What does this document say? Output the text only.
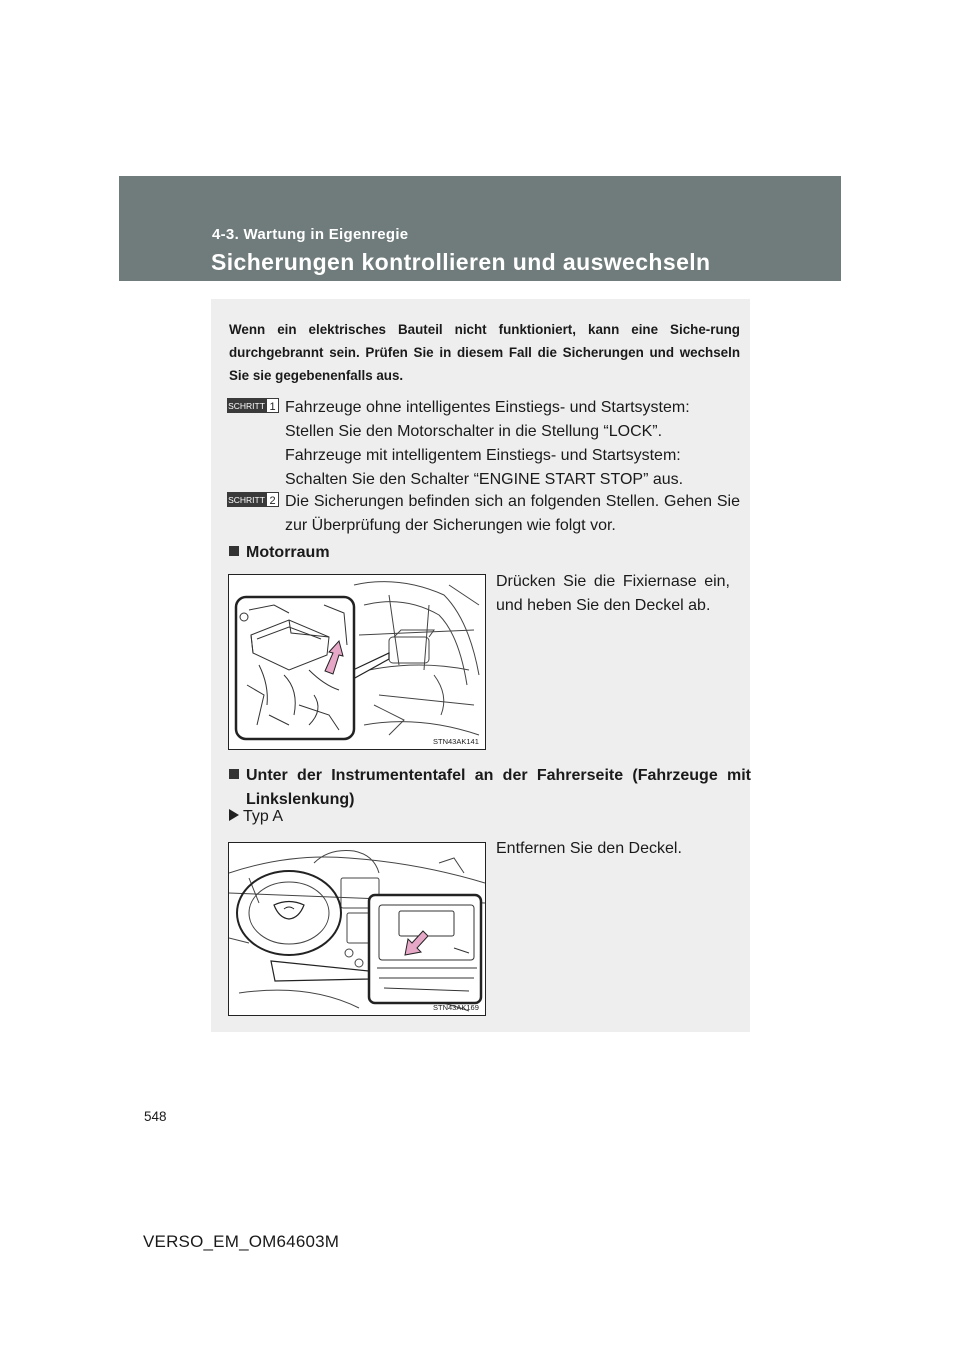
4-3. Wartung in Eigenregie
Sicherungen kontrollieren und auswechseln
Wenn ein elektrisches Bauteil nicht funktioniert, kann eine Siche-rung durchgebrannt sein. Prüfen Sie in diesem Fall die Sicherungen und wechseln Sie sie gegebenenfalls aus.
SCHRITT 1 Fahrzeuge ohne intelligentes Einstiegs- und Startsystem:

Stellen Sie den Motorschalter in die Stellung “LOCK”.

Fahrzeuge mit intelligentem Einstiegs- und Startsystem:

Schalten Sie den Schalter “ENGINE START STOP” aus.

SCHRITT 2 Die Sicherungen befinden sich an folgenden Stellen. Gehen Sie zur Überprüfung der Sicherungen wie folgt vor.
Motorraum
STN43AK141
Drücken Sie die Fixiernase ein, und heben Sie den Deckel ab.
Unter der Instrumententafel an der Fahrerseite (Fahrzeuge mit Linkslenkung)
Typ A
STN43AK169
Entfernen Sie den Deckel.
548
VERSO_EM_OM64603M
